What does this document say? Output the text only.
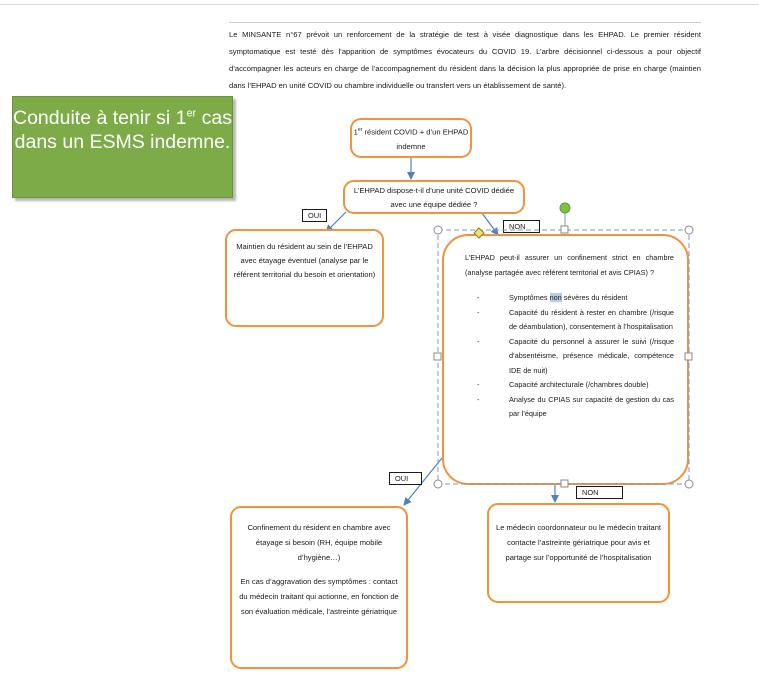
Le MINSANTE n°67 prévoit un renforcement de la stratégie de test à visée diagnostique dans les EHPAD. Le premier résident symptomatique est testé dès l’apparition de symptômes évocateurs du COVID 19. L’arbre décisionnel ci-dessous a pour objectif d’accompagner les acteurs en charge de l’accompagnement du résident dans la décision la plus appropriée de prise en charge (maintien dans l’EHPAD en unité COVID ou chambre individuelle ou transfert vers un établissement de santé).
Conduite à tenir si 1er cas dans un ESMS indemne.	1er résident COVID + d’un EHPAD indemne
L’EHPAD dispose-t-il d’une unité COVID dédiée avec une équipe dédiée ?
Maintien du résident au sein de l’EHPAD avec étayage éventuel (analyse par le référent territorial du besoin et orientation)

L’EHPAD peut-il assurer un confinement strict en chambre (analyse partagée avec référent territorial et avis CPIAS) ?

-	Symptômes non sévères du résident
-	Capacité du résident à rester en chambre (/risque de déambulation), consentement à l’hospitalisation
-	Capacité du personnel à assurer le suivi (/risque d’absentéisme, présence médicale, compétence IDE de nuit)
-	Capacité architecturale (/chambres double)
-	Analyse du CPIAS sur capacité de gestion du cas par l’équipe

Confinement du résident en chambre avec étayage si besoin (RH, équipe mobile d’hygiène…)

En cas d’aggravation des symptômes : contact du médecin traitant qui actionne, en fonction de son évaluation médicale, l’astreinte gériatrique

Le médecin coordonnateur ou le médecin traitant contacte l’astreinte gériatrique pour avis et partage sur l’opportunité de l’hospitalisation
OUI
NON
OUI
NON
